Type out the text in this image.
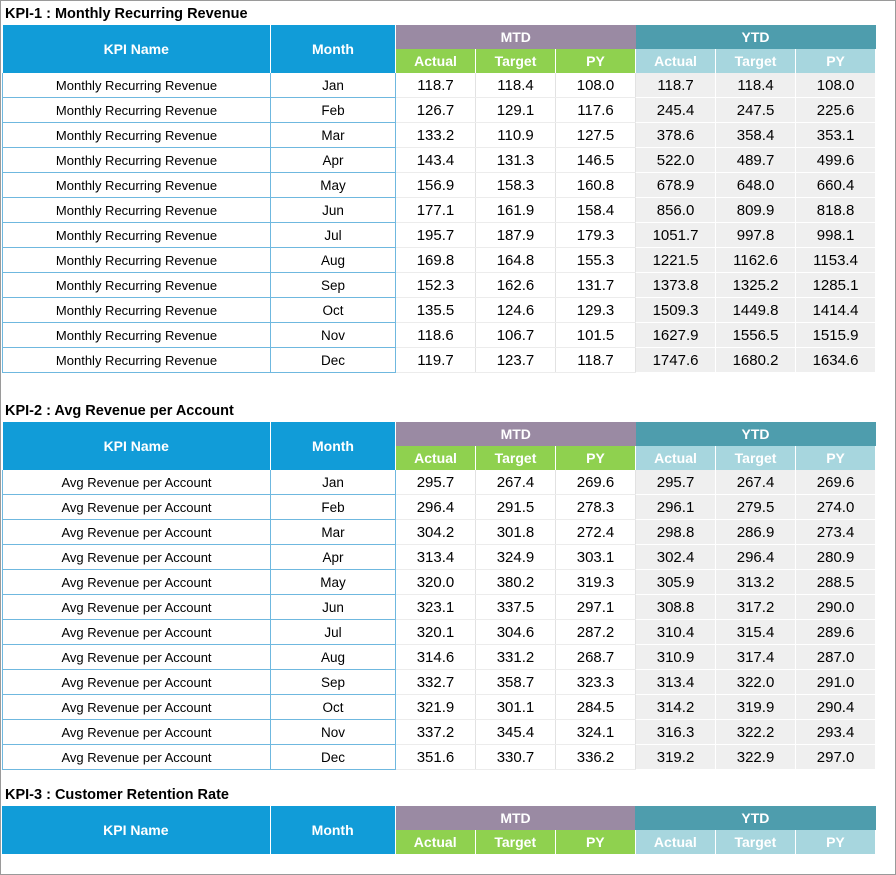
KPI-1 : Monthly Recurring Revenue
KPI Name	Month	MTD			YTD		
		Actual	Target	PY	Actual	Target	PY
Monthly Recurring Revenue	Jan	118.7	118.4	108.0	118.7	118.4	108.0
Monthly Recurring Revenue	Feb	126.7	129.1	117.6	245.4	247.5	225.6
Monthly Recurring Revenue	Mar	133.2	110.9	127.5	378.6	358.4	353.1
Monthly Recurring Revenue	Apr	143.4	131.3	146.5	522.0	489.7	499.6
Monthly Recurring Revenue	May	156.9	158.3	160.8	678.9	648.0	660.4
Monthly Recurring Revenue	Jun	177.1	161.9	158.4	856.0	809.9	818.8
Monthly Recurring Revenue	Jul	195.7	187.9	179.3	1051.7	997.8	998.1
Monthly Recurring Revenue	Aug	169.8	164.8	155.3	1221.5	1162.6	1153.4
Monthly Recurring Revenue	Sep	152.3	162.6	131.7	1373.8	1325.2	1285.1
Monthly Recurring Revenue	Oct	135.5	124.6	129.3	1509.3	1449.8	1414.4
Monthly Recurring Revenue	Nov	118.6	106.7	101.5	1627.9	1556.5	1515.9
Monthly Recurring Revenue	Dec	119.7	123.7	118.7	1747.6	1680.2	1634.6
KPI-2 : Avg Revenue per Account
KPI Name	Month	MTD			YTD		
		Actual	Target	PY	Actual	Target	PY
Avg Revenue per Account	Jan	295.7	267.4	269.6	295.7	267.4	269.6
Avg Revenue per Account	Feb	296.4	291.5	278.3	296.1	279.5	274.0
Avg Revenue per Account	Mar	304.2	301.8	272.4	298.8	286.9	273.4
Avg Revenue per Account	Apr	313.4	324.9	303.1	302.4	296.4	280.9
Avg Revenue per Account	May	320.0	380.2	319.3	305.9	313.2	288.5
Avg Revenue per Account	Jun	323.1	337.5	297.1	308.8	317.2	290.0
Avg Revenue per Account	Jul	320.1	304.6	287.2	310.4	315.4	289.6
Avg Revenue per Account	Aug	314.6	331.2	268.7	310.9	317.4	287.0
Avg Revenue per Account	Sep	332.7	358.7	323.3	313.4	322.0	291.0
Avg Revenue per Account	Oct	321.9	301.1	284.5	314.2	319.9	290.4
Avg Revenue per Account	Nov	337.2	345.4	324.1	316.3	322.2	293.4
Avg Revenue per Account	Dec	351.6	330.7	336.2	319.2	322.9	297.0
KPI-3 : Customer Retention Rate
KPI Name	Month	MTD			YTD		
		Actual	Target	PY	Actual	Target	PY
